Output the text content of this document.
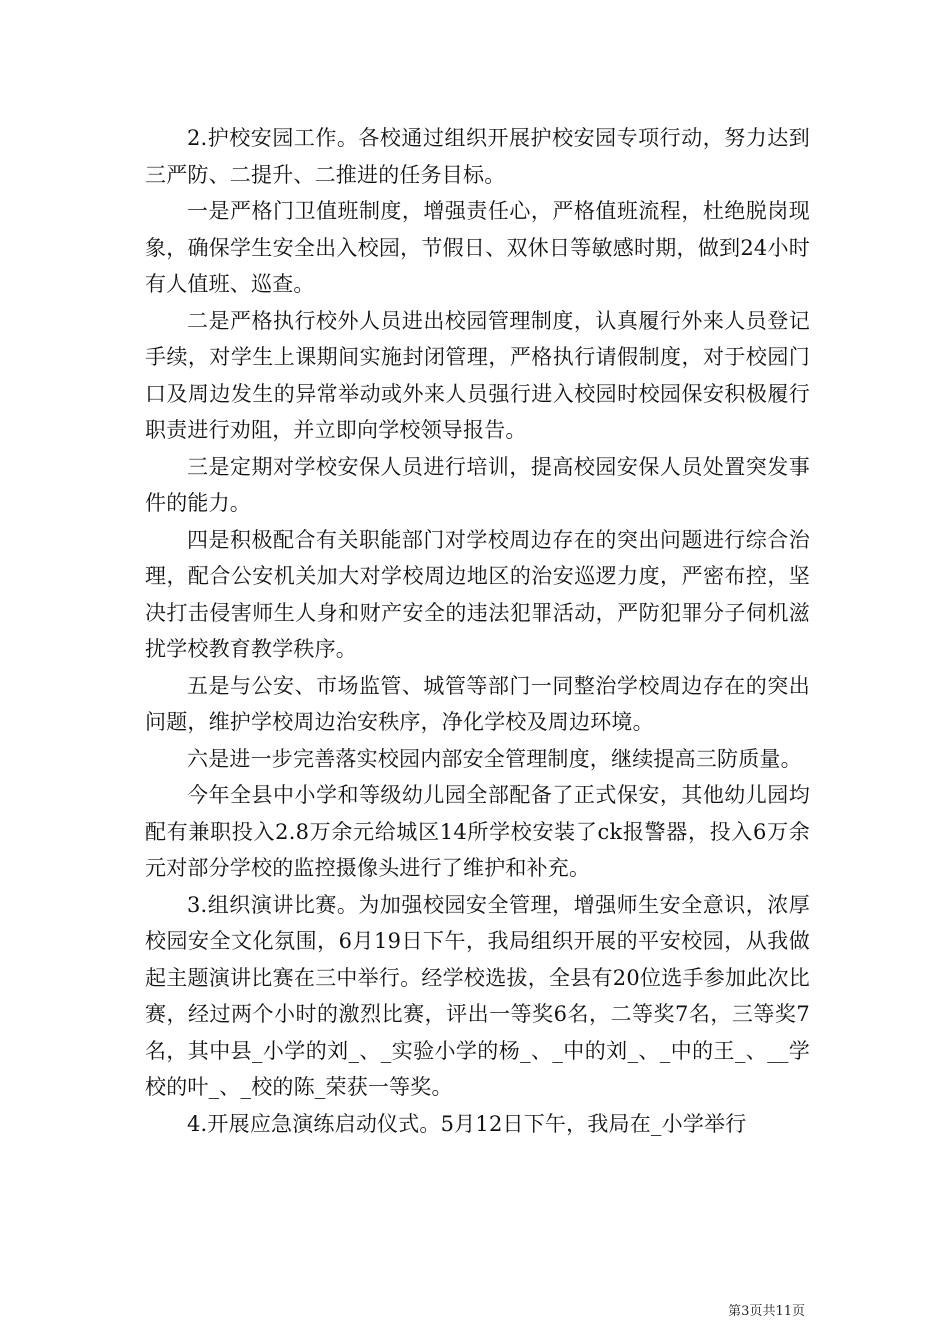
2.护校安园工作。各校通过组织开展护校安园专项行动，努力达到三严防、二提升、二推进的任务目标。

一是严格门卫值班制度，增强责任心，严格值班流程，杜绝脱岗现象，确保学生安全出入校园，节假日、双休日等敏感时期，做到24小时有人值班、巡查。

二是严格执行校外人员进出校园管理制度，认真履行外来人员登记手续，对学生上课期间实施封闭管理，严格执行请假制度，对于校园门口及周边发生的异常举动或外来人员强行进入校园时校园保安积极履行职责进行劝阻，并立即向学校领导报告。

三是定期对学校安保人员进行培训，提高校园安保人员处置突发事件的能力。

四是积极配合有关职能部门对学校周边存在的突出问题进行综合治理，配合公安机关加大对学校周边地区的治安巡逻力度，严密布控，坚决打击侵害师生人身和财产安全的违法犯罪活动，严防犯罪分子伺机滋扰学校教育教学秩序。

五是与公安、市场监管、城管等部门一同整治学校周边存在的突出问题，维护学校周边治安秩序，净化学校及周边环境。

六是进一步完善落实校园内部安全管理制度，继续提高三防质量。

今年全县中小学和等级幼儿园全部配备了正式保安，其他幼儿园均配有兼职投入2.8万余元给城区14所学校安装了ck报警器，投入6万余元对部分学校的监控摄像头进行了维护和补充。

3.组织演讲比赛。为加强校园安全管理，增强师生安全意识，浓厚校园安全文化氛围，6月19日下午，我局组织开展的平安校园，从我做起主题演讲比赛在三中举行。经学校选拔，全县有20位选手参加此次比赛，经过两个小时的激烈比赛，评出一等奖6名，二等奖7名，三等奖7名，其中县_小学的刘_、_实验小学的杨_、_中的刘_、_中的王_、__学校的叶_、_校的陈_荣获一等奖。

4.开展应急演练启动仪式。5月12日下午，我局在_小学举行

第3页共11页
